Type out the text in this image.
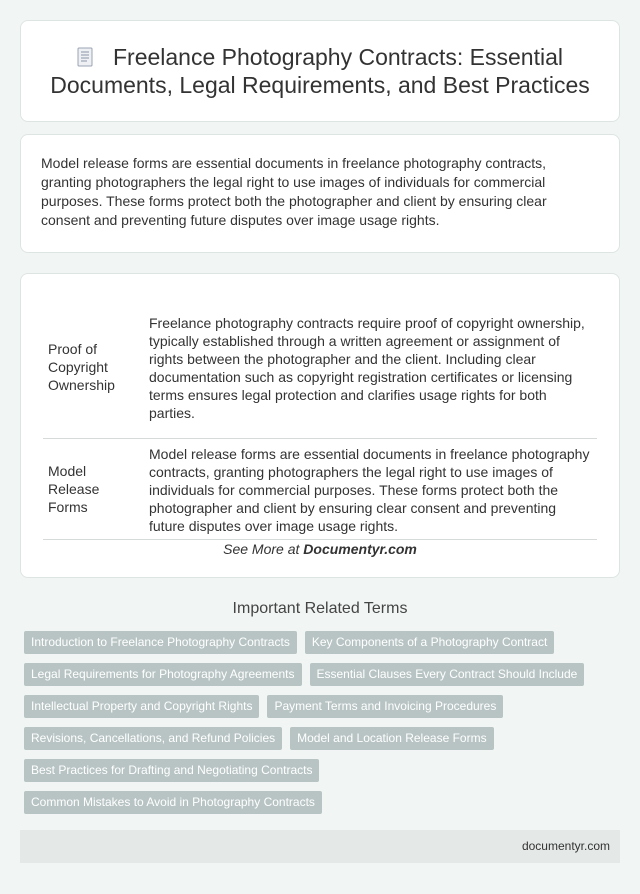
Freelance Photography Contracts: Essential Documents, Legal Requirements, and Best Practices

Model release forms are essential documents in freelance photography contracts, granting photographers the legal right to use images of individuals for commercial purposes. These forms protect both the photographer and client by ensuring clear consent and preventing future disputes over image usage rights.

Proof of Copyright Ownership	Freelance photography contracts require proof of copyright ownership, typically established through a written agreement or assignment of rights between the photographer and the client. Including clear documentation such as copyright registration certificates or licensing terms ensures legal protection and clarifies usage rights for both parties.
Model Release Forms	Model release forms are essential documents in freelance photography contracts, granting photographers the legal right to use images of individuals for commercial purposes. These forms protect both the photographer and client by ensuring clear consent and preventing future disputes over image usage rights.
See More at Documentyr.com
Important Related Terms
Introduction to Freelance Photography Contracts	Key Components of a Photography Contract
Legal Requirements for Photography Agreements	Essential Clauses Every Contract Should Include
Intellectual Property and Copyright Rights	Payment Terms and Invoicing Procedures
Revisions, Cancellations, and Refund Policies	Model and Location Release Forms
Best Practices for Drafting and Negotiating Contracts
Common Mistakes to Avoid in Photography Contracts
documentyr.com
